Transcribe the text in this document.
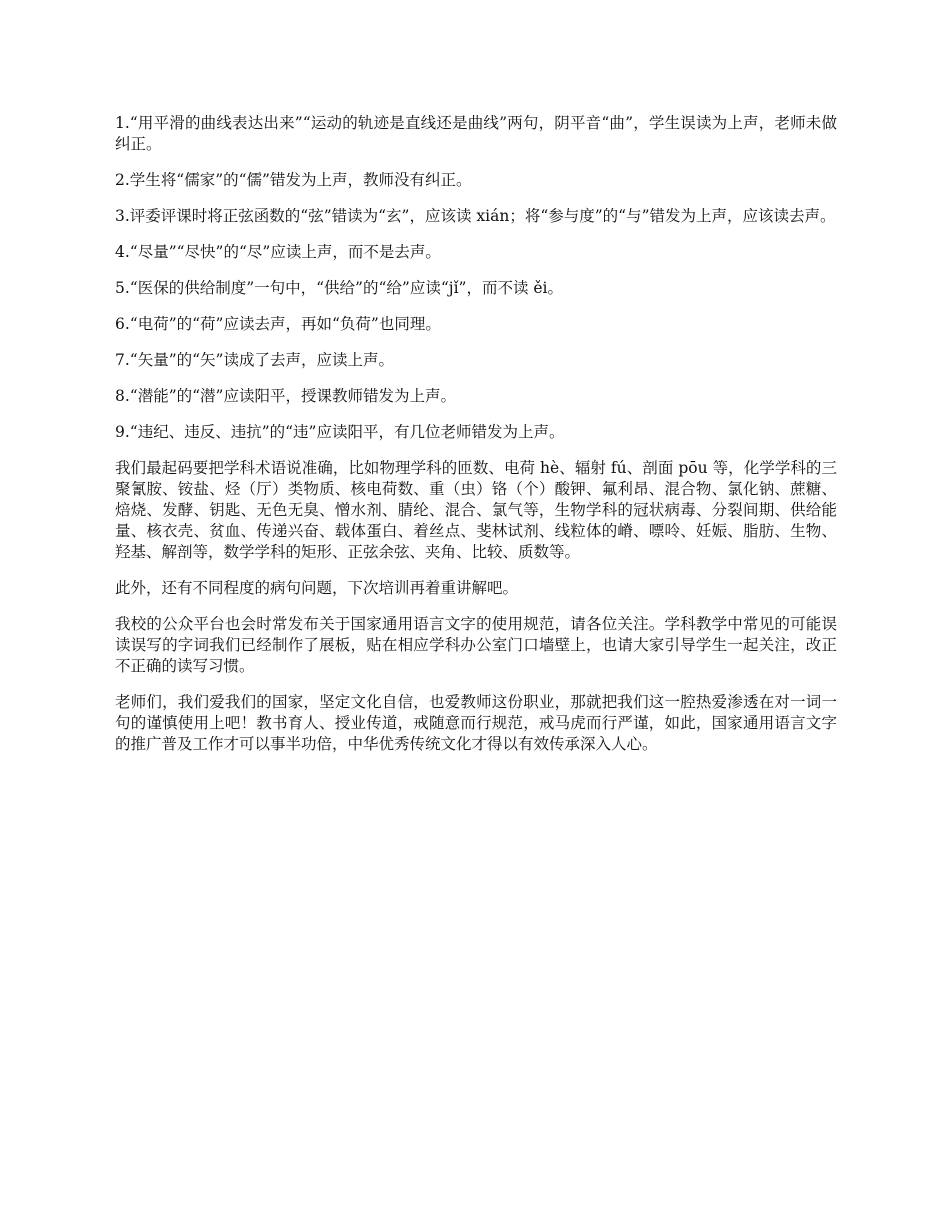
1.“用平滑的曲线表达出来”“运动的轨迹是直线还是曲线”两句，阴平音“曲”，学生误读为上声，老师未做纠正。

2.学生将“儒家”的“儒”错发为上声，教师没有纠正。

3.评委评课时将正弦函数的“弦”错读为“玄”，应该读 xián；将“参与度”的“与”错发为上声，应该读去声。

4.“尽量”“尽快”的“尽”应读上声，而不是去声。

5.“医保的供给制度”一句中，“供给”的“给”应读“jǐ”，而不读 ěi。

6.“电荷”的“荷”应读去声，再如“负荷”也同理。

7.“矢量”的“矢”读成了去声，应读上声。

8.“潜能”的“潜”应读阳平，授课教师错发为上声。

9.“违纪、违反、违抗”的“违”应读阳平，有几位老师错发为上声。

我们最起码要把学科术语说准确，比如物理学科的匝数、电荷 hè、辐射 fú、剖面 pōu 等，化学学科的三聚氰胺、铵盐、烃（厅）类物质、核电荷数、重（虫）铬（个）酸钾、氟利昂、混合物、氯化钠、蔗糖、焙烧、发酵、钥匙、无色无臭、憎水剂、腈纶、混合、氯气等，生物学科的冠状病毒、分裂间期、供给能量、核衣壳、贫血、传递兴奋、载体蛋白、着丝点、斐林试剂、线粒体的嵴、嘌呤、妊娠、脂肪、生物、羟基、解剖等，数学学科的矩形、正弦余弦、夹角、比较、质数等。

此外，还有不同程度的病句问题，下次培训再着重讲解吧。

我校的公众平台也会时常发布关于国家通用语言文字的使用规范，请各位关注。学科教学中常见的可能误读误写的字词我们已经制作了展板，贴在相应学科办公室门口墙壁上，也请大家引导学生一起关注，改正不正确的读写习惯。

老师们，我们爱我们的国家，坚定文化自信，也爱教师这份职业，那就把我们这一腔热爱渗透在对一词一句的谨慎使用上吧！教书育人、授业传道，戒随意而行规范，戒马虎而行严谨，如此，国家通用语言文字的推广普及工作才可以事半功倍，中华优秀传统文化才得以有效传承深入人心。
